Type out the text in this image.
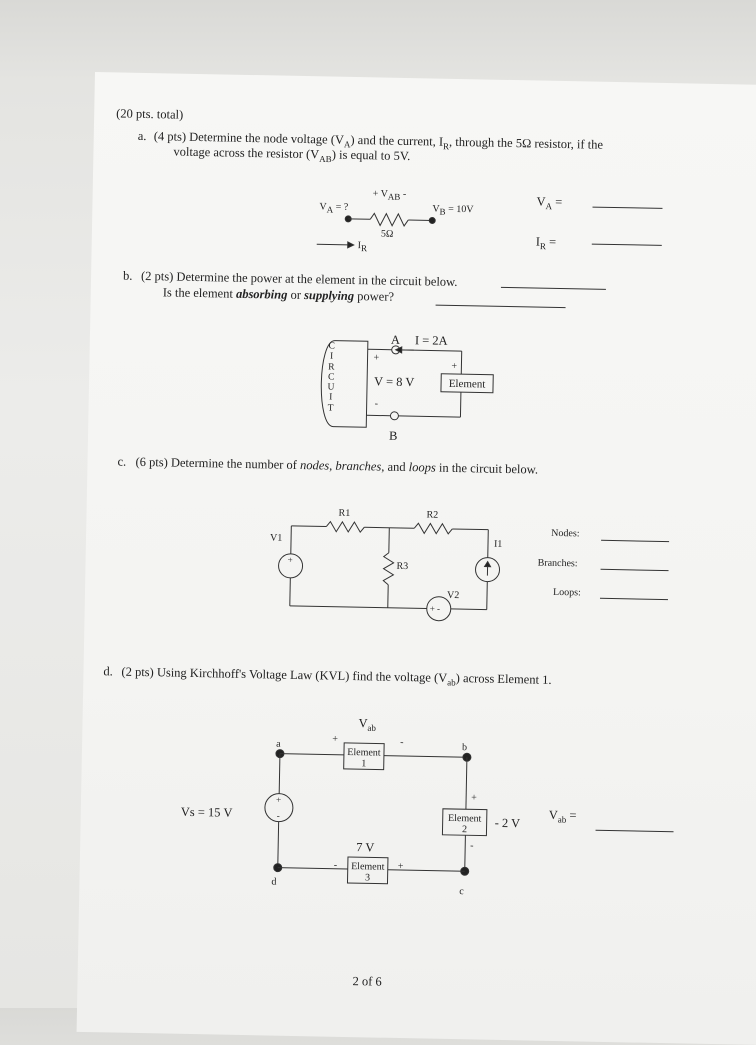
(20 pts. total)
a. (4 pts) Determine the node voltage $(V_A)$ and the current, $I_R$, through the 5Ω resistor, if the
voltage across the resistor $(V_{AB})$ is equal to 5V.
$V_A$ = ?
+ $V_{AB}$ -
$V_B = 10V$
5Ω
$I_R$
$V_A$ =
$I_R$ =
b. (2 pts) Determine the power at the element in the circuit below.
Is the element absorbing or supplying power?
C
I
R
C
U
I
T
A I = 2A
+
+
V = 8 V
-
Element
B
c. (6 pts) Determine the number of nodes, branches, and loops in the circuit below.
R1	R2
R3
V1
+
I1
V2
+ -
Nodes:
Branches:
Loops:
d. (2 pts) Using Kirchhoff's Voltage Law (KVL) find the voltage $(V_{ab})$ across Element 1.
$V_{ab}$
+	-
Element
1
a	b
c
d
Vs = 15 V
+
-
+
Element
2	- 2 V
-
7 V
-	Element
3
+
$V_{ab}$ =
2 of 6
